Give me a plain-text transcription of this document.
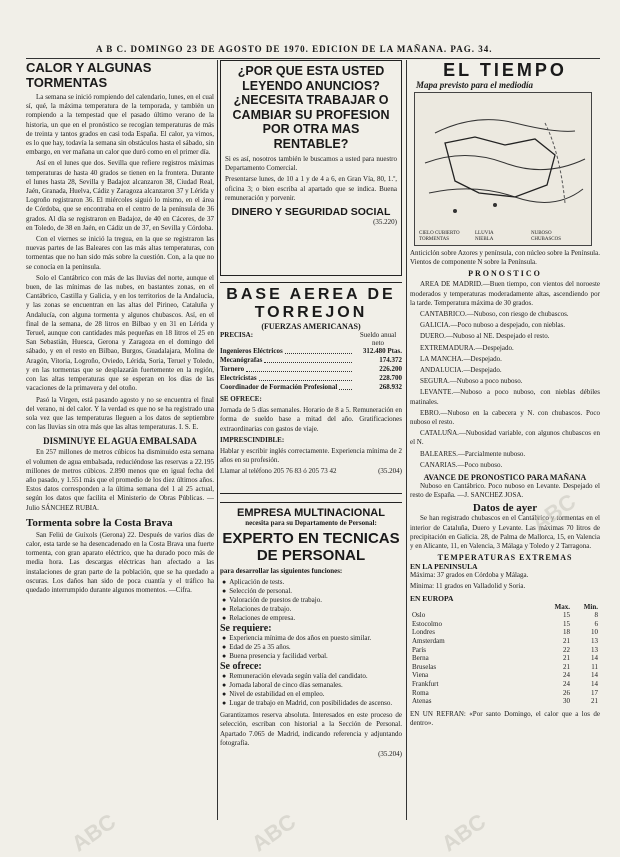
A B C. DOMINGO 23 DE AGOSTO DE 1970. EDICION DE LA MAÑANA. PAG. 34.
CALOR Y ALGUNAS TORMENTAS

La semana se inició rompiendo del calendario, lunes, en el cual sí, qué, la máxima temperatura de la temporada, y también un rompiendo a la tempestad que el pasado último verano de la historia, un que en el pronóstico se recogían temperaturas de más de treinta y tantos grados en casi toda España. El calor, ya vimos, es lo que hay, todavía la semana sin obstáculos hasta el sábado, sin embargo, en ver mañana un calor que duró como en el primer día.

Así en el lunes que dos. Sevilla que refiere registros máximas temperaturas de hasta 40 grados se tienen en la frontera. Durante el lunes hasta 28, Sevilla y Badajoz alcanzaron 38, Ciudad Real, Jaén, Granada, Huelva, Cádiz y Zaragoza alcanzaron 37 y Lérida y Logroño registraron 36. El miércoles siguió lo mismo, en el área de Córdoba, que se encontraba en el centro de la península de 36 grados. Al día se registraron en Badajoz, de 40 en Cáceres, de 37 en Toledo, de 38 en Jaén, en Cádiz un de 37, en Sevilla y Córdoba.

Con el viernes se inició la tregua, en la que se registraron las nuevas partes de las Baleares con las más altas temperaturas, con tormentas que no han sido más sobre la cuestión. Con, a la que no se conocía en la península.

Solo el Cantábrico con más de las lluvias del norte, aunque el buen, de las mínimas de las nubes, en bastantes zonas, en el Cantábrico, Castilla y Galicia, y en los territorios de la Andalucía, y las zonas se encuentran en las altas del Pirineo, Cataluña y Andalucía, con alguna tormenta y algunos chubascos. Así, en el final de la semana, de 28 litros en Bilbao y en 31 en Lérida y Teruel, aunque con cantidades más pequeñas en 18 litros el 25 en San Sebastián, Huesca, Gerona y Zaragoza en el domingo del sábado, y en el resto en Bilbao, Burgos, Guadalajara, Molina de Aragón, Vitoria, Logroño, Oviedo, Lérida, Soria, Teruel y Toledo, y en las tormentas que se desplazarán fuertemente en la región, con las altas temperaturas que se esperan en los días de las vacaciones de la primavera y del otoño.

Pasó la Virgen, está pasando agosto y no se encuentra el final del verano, ni del calor. Y la verdad es que no se ha registrado una sola vez que las temperaturas lleguen a los datos de septiembre con las lluvias sin otra más que las altas temperaturas. I. S. E.

DISMINUYE EL AGUA EMBALSADA

En 257 millones de metros cúbicos ha disminuido esta semana el volumen de agua embalsada, reduciéndose las reservas a 22.195 millones de metros cúbicos. 2.890 menos que en igual fecha del año pasado, y 1.551 más que el promedio de los diez últimos años. Estos datos corresponden a la última semana del 1 al 25 actual, según los datos que facilita el Ministerio de Obras Públicas. —Julio SÁNCHEZ RUBIA.

Tormenta sobre la Costa Brava

San Feliú de Guíxols (Gerona) 22. Después de varios días de calor, esta tarde se ha desencadenado en la Costa Brava una fuerte tormenta, con gran aparato eléctrico, que ha durado poco más de media hora. Las descargas eléctricas han afectado a las instalaciones de gran parte de la población, que se ha quedado a oscuras. Los daños han sido de poca cuantía y el tráfico ha quedado interrumpido durante algunos momentos. —Cifra.

¿POR QUE ESTA USTED LEYENDO ANUNCIOS? ¿NECESITA TRABAJAR O CAMBIAR SU PROFESION POR OTRA MAS RENTABLE?

Si es así, nosotros también le buscamos a usted para nuestro Departamento Comercial.

Presentarse lunes, de 10 a 1 y de 4 a 6, en Gran Vía, 80, 1.º, oficina 3; o bien escriba al apartado que se indica. Buena remuneración y porvenir.

DINERO Y SEGURIDAD SOCIAL
(35.220)
BASE AEREA DE TORREJON
(FUERZAS AMERICANAS)
PRECISA:	Sueldo anual neto
Ingenieros Eléctricos	312.480 Ptas.
Mecanógrafas	174.372
Tornero	226.200
Electricistas	228.700
Coordinador de Formación Profesional	268.932

SE OFRECE:

Jornada de 5 días semanales. Horario de 8 a 5. Remuneración en forma de sueldo base a mitad del año. Gratificaciones extraordinarias con gastos de viaje.

IMPRESCINDIBLE:

Hablar y escribir inglés correctamente. Experiencia mínima de 2 años en su profesión.

Llamar al teléfono 205 76 83 ó 205 73 42	(35.204)
EMPRESA MULTINACIONAL
necesita para su Departamento de Personal:
EXPERTO EN TECNICAS DE PERSONAL

para desarrollar las siguientes funciones:

● Aplicación de tests.
● Selección de personal.
● Valoración de puestos de trabajo.
● Relaciones de trabajo.
● Relaciones de empresa.
Se requiere:
● Experiencia mínima de dos años en puesto similar.
● Edad de 25 a 35 años.
● Buena presencia y facilidad verbal.
Se ofrece:
● Remuneración elevada según valía del candidato.
● Jornada laboral de cinco días semanales.
● Nivel de estabilidad en el empleo.
● Lugar de trabajo en Madrid, con posibilidades de ascenso.

Garantizamos reserva absoluta. Interesados en este proceso de selección, escriban con historial a la Sección de Personal. Apartado 7.065 de Madrid, indicando referencia y adjuntando fotografía.

(35.204)
EL TIEMPO
Mapa previsto para el mediodía
CIELO CUBIERTO	LLUVIA	NUBOSO
TORMENTAS	NIEBLA	CHUBASCOS

Anticiclón sobre Azores y península, con núcleo sobre la Península. Vientos de componente N sobre la Península.

PRONOSTICO

AREA DE MADRID.—Buen tiempo, con vientos del noroeste moderados y temperaturas moderadamente altas, ascendiendo por la tarde. Temperatura máxima de 30 grados.

CANTABRICO.—Nuboso, con riesgo de chubascos.

GALICIA.—Poco nuboso a despejado, con nieblas.

DUERO.—Nuboso al NE. Despejado el resto.

EXTREMADURA.—Despejado.

LA MANCHA.—Despejado.

ANDALUCIA.—Despejado.

SEGURA.—Nuboso a poco nuboso.

LEVANTE.—Nuboso a poco nuboso, con nieblas débiles matinales.

EBRO.—Nuboso en la cabecera y N. con chubascos. Poco nuboso el resto.

CATALUÑA.—Nubosidad variable, con algunos chubascos en el N.

BALEARES.—Parcialmente nuboso.

CANARIAS.—Poco nuboso.

AVANCE DE PRONOSTICO PARA MAÑANA

Nuboso en Cantábrico. Poco nuboso en Levante. Despejado el resto de España. —J. SANCHEZ JOSA.

Datos de ayer

Se han registrado chubascos en el Cantábrico y tormentas en el interior de Cataluña, Duero y Levante. Las máximas 70 litros de precipitación en Galicia. 28, de Palma de Mallorca, 15, en Valencia y en Alicante, 11, en Valencia, 3 Málaga y Toledo y 2 Tarragona.

TEMPERATURAS EXTREMAS
EN LA PENINSULA

Máxima: 37 grados en Córdoba y Málaga.

Mínima: 11 grados en Valladolid y Soria.

EN EUROPA
	Max.	Min.
Oslo	15	8
Estocolmo	15	6
Londres	18	10
Amsterdam	21	13
París	22	13
Berna	21	14
Bruselas	21	11
Viena	24	14
Frankfurt	24	14
Roma	26	17
Atenas	30	21

EN UN REFRAN: «Por santo Domingo, el calor que a los de dentro».

ABC	ABC	ABC
ABC
